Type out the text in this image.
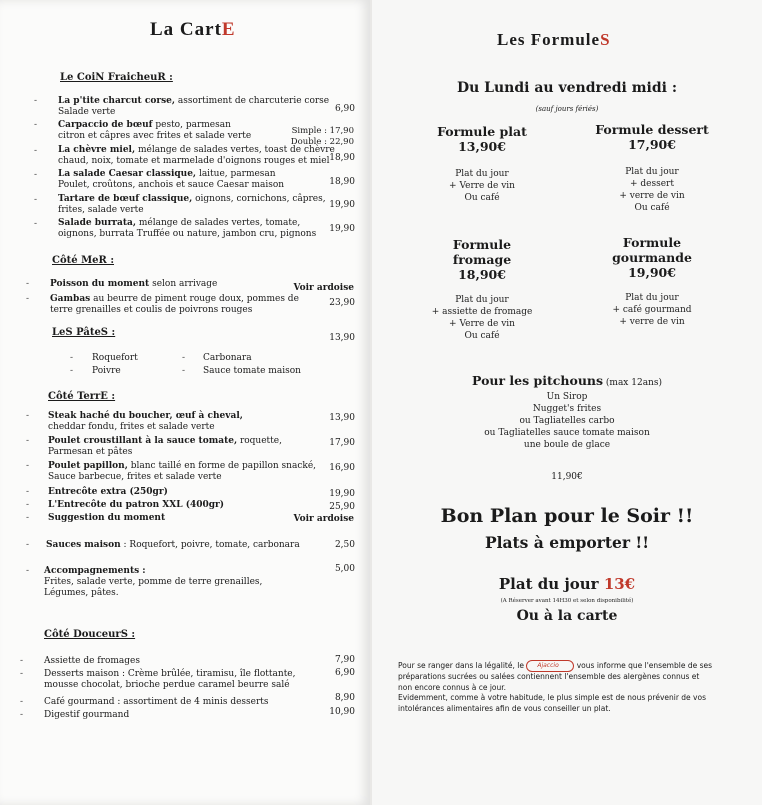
La CartE
Le CoiN FraicheuR :
- La p'tite charcut corse, assortiment de charcuterie corse
Salade verte	6,90
- Carpaccio de bœuf pesto, parmesan
citron et câpres avec frites et salade verte	Simple : 17,90
Double : 22,90
- La chèvre miel, mélange de salades vertes, toast de chèvre
chaud, noix, tomate et marmelade d'oignons rouges et miel 18,90
- La salade Caesar classique, laitue, parmesan
Poulet, croûtons, anchois et sauce Caesar maison	18,90
- Tartare de bœuf classique, oignons, cornichons, câpres,
frites, salade verte	19,90
- Salade burrata, mélange de salades vertes, tomate,
oignons, burrata Truffée ou nature, jambon cru, pignons	19,90
Côté MeR :
- Poisson du moment selon arrivage	Voir ardoise
- Gambas au beurre de piment rouge doux, pommes de
terre grenailles et coulis de poivrons rouges
23,90
LeS PâteS :	13,90
- Roquefort
- Poivre
- Carbonara
- Sauce tomate maison
Côté TerrE :
- Steak haché du boucher, œuf à cheval,
cheddar fondu, frites et salade verte
13,90
- Poulet croustillant à la sauce tomate, roquette,
Parmesan et pâtes
17,90
- Poulet papillon, blanc taillé en forme de papillon snacké,
Sauce barbecue, frites et salade verte
16,90
- Entrecôte extra (250gr)	19,90
- L'Entrecôte du patron XXL (400gr)	25,90
- Suggestion du moment	Voir ardoise
- Sauces maison : Roquefort, poivre, tomate, carbonara	2,50
- Accompagnements :
Frites, salade verte, pomme de terre grenailles,
Légumes, pâtes.
5,00
Côté DouceurS :
- Assiette de fromages	7,90
- Desserts maison : Crème brûlée, tiramisu, île flottante,
mousse chocolat, brioche perdue caramel beurre salé
6,90
- Café gourmand : assortiment de 4 minis desserts	8,90
- Digestif gourmand	10,90
Les FormuleS
Du Lundi au vendredi midi :
(sauf jours fériés)
Formule plat
13,90€
Plat du jour
+ Verre de vin
Ou café
Formule dessert
17,90€
Plat du jour
+ dessert
+ verre de vin
Ou café
Formule
fromage
18,90€
Plat du jour
+ assiette de fromage
+ Verre de vin
Ou café
Formule
gourmande
19,90€
Plat du jour
+ café gourmand
+ verre de vin
Pour les pitchouns (max 12ans)
Un Sirop
Nugget's frites
ou Tagliatelles carbo
ou Tagliatelles sauce tomate maison
une boule de glace
11,90€
Bon Plan pour le Soir !!
Plats à emporter !!
Plat du jour 13€
(A Réserver avant 14H30 et selon disponibilité)
Ou à la carte
Pour se ranger dans la légalité, le Ajaccio vous informe que l'ensemble de ses
préparations sucrées ou salées contiennent l'ensemble des alergènes connus et
non encore connus à ce jour.
Evidemment, comme à votre habitude, le plus simple est de nous prévenir de vos
intolérances alimentaires afin de vous conseiller un plat.
